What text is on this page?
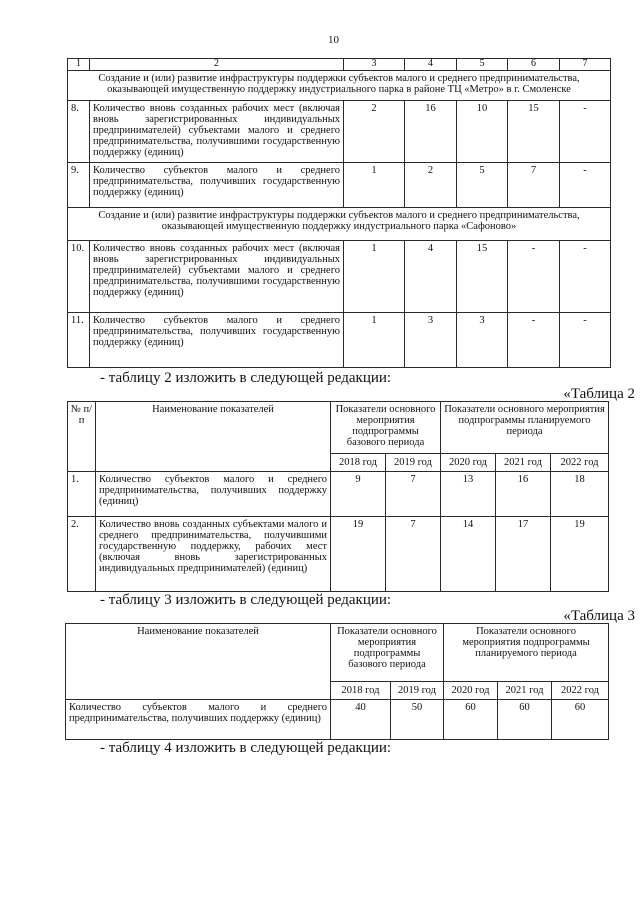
10
1	2	3	4	5	6	7
Создание и (или) развитие инфраструктуры поддержки субъектов малого и среднего предпринимательства, оказывающей имущественную поддержку индустриального парка в районе ТЦ «Метро» в г. Смоленске						
8.	Количество вновь созданных рабочих мест (включая вновь зарегистрированных индивидуальных предпринимателей) субъектами малого и среднего предпринимательства, получившими государственную поддержку (единиц)	2	16	10	15	-
9.	Количество субъектов малого и среднего предпринимательства, получивших государственную поддержку (единиц)	1	2	5	7	-
Создание и (или) развитие инфраструктуры поддержки субъектов малого и среднего предпринимательства, оказывающей имущественную поддержку индустриального парка «Сафоново»						
10.	Количество вновь созданных рабочих мест (включая вновь зарегистрированных индивидуальных предпринимателей) субъектами малого и среднего предпринимательства, получившими государственную поддержку (единиц)	1	4	15	-	-
11.	Количество субъектов малого и среднего предпринимательства, получивших государственную поддержку (единиц)	1	3	3	-	-
- таблицу 2 изложить в следующей редакции:
«Таблица 2
№ п/п	Наименование показателей	Показатели основного мероприятия подпрограммы базового периода		Показатели основного мероприятия подпрограммы планируемого периода		
		2018 год	2019 год	2020 год	2021 год	2022 год
1.	Количество субъектов малого и среднего предпринимательства, получивших поддержку (единиц)	9	7	13	16	18
2.	Количество вновь созданных субъектами малого и среднего предпринимательства, получившими государственную поддержку, рабочих мест (включая вновь зарегистрированных индивидуальных предпринимателей) (единиц)	19	7	14	17	19
- таблицу 3 изложить в следующей редакции:
«Таблица 3
Наименование показателей	Показатели основного мероприятия подпрограммы базового периода		Показатели основного мероприятия подпрограммы планируемого периода		
	2018 год	2019 год	2020 год	2021 год	2022 год
Количество субъектов малого и среднего предпринимательства, получивших поддержку (единиц)	40	50	60	60	60
- таблицу 4 изложить в следующей редакции:
